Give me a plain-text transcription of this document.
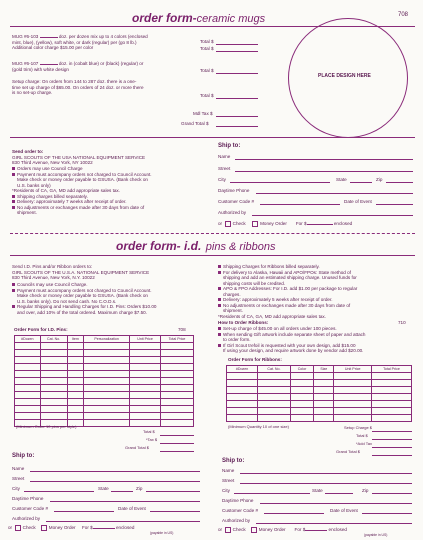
708
order form-ceramic mugs
MUG #6-103	doz. per dozen mix up to 4 colors (enclosed
mint, blue), (yellow), soft white, or dark (regular) per (go 8 lb.)
Additional color charge $15.00 per color
Total $
Total $
MUG #6-107	doz. in (cobalt blue) or (black) (regular) or
(gold trim) with white design	Total $
Setup charge: On orders from 144 to 287 doz. there is a one-
time set up charge of $65.00. On orders of 24 doz. or more there
is no set-up charge.
Total $
Mdl Tax $
Grand Total $
PLACE DESIGN HERE
Send order to:
GIRL SCOUTS OF THE USA NATIONAL EQUIPMENT SERVICE
830 Third Avenue, New York, NY 10022
Orders may use Council Charge
Payment must accompany orders not charged to Council Account.
Make check or money order payable to GSUSA. (Bank check on
U.S. banks only)
*Residents of CA, GA, MD add appropriate sales tax.
Shipping charges billed separately.
Delivery: approximately 7 weeks after receipt of order.
No adjustments or exchanges made after 30 days from date of
shipment.
Ship to:
Name
Street
City	State	Zip
Daytime Phone
Customer Code #	Date of Event
Authorized by
or  Check	Money Order For $	enclosed
order form- i.d. pins & ribbons
Send I.D. Pins and/or Ribbon orders to:
GIRL SCOUTS OF THE U.S.A. NATIONAL EQUIPMENT SERVICE
830 Third Avenue, New York, N.Y. 10022
Councils may use Council Charge.
Payment must accompany orders not charged to Council Account.
Make check or money order payable to GSUSA. (Bank check on
U.S. banks only). Do not send cash. No C.O.D.s.
Regular Shipping and Handling Charges for I.D. Pins: Orders $10.00
and over, add 10% of the total ordered. Maximum charge $7.50.
Shipping Charges for Ribbons billed separately.
For delivery to Alaska, Hawaii and APO/FPOs: State method of
shipping and add an estimated shipping charge. Unused funds for
shipping costs will be credited.
APO & FPO Addresses: For I.D. add $1.00 per package to regular
charges.
Delivery: approximately 5 weeks after receipt of order.
No adjustments or exchanges made after 30 days from date of
shipment.
*Residents of CA, GA, MD add appropriate sales tax.
How to Order Ribbons:	710
Set-up charge of $45.00 on all orders under 100 pieces.
When sending Gift artwork include separate sheet of paper and attach
to order form.
If Girl Scout trefoil is requested with your own design, add $15.00
If using your design, and require artwork done by vendor add $20.00.
Order Form for I.D. Pins:	708
#Dozen	Cat. No.	Item	Personalization	Unit Price	Total Price

(Minimum Order 10 pins per style)
Total $
*Tax $
Grand Total $
Order Form for Ribbons:
#Dozen	Cat. No.	Color	Size	Unit Price	Total Price

(Minimum Quantity 10 of one size)	Setup Charge $
Total $
*Add Tax
Grand Total $
Ship to:
Name
Street
City	State	Zip
Daytime Phone
Customer Code #	Date of Event
Authorized by
or  Check	Money Order For $	enclosed
(payable in US)
Ship to:
Name
Street
City	State	Zip
Daytime Phone
Customer Code #	Date of Event
Authorized by
or  Check	Money Order For $	enclosed
(payable in US)
